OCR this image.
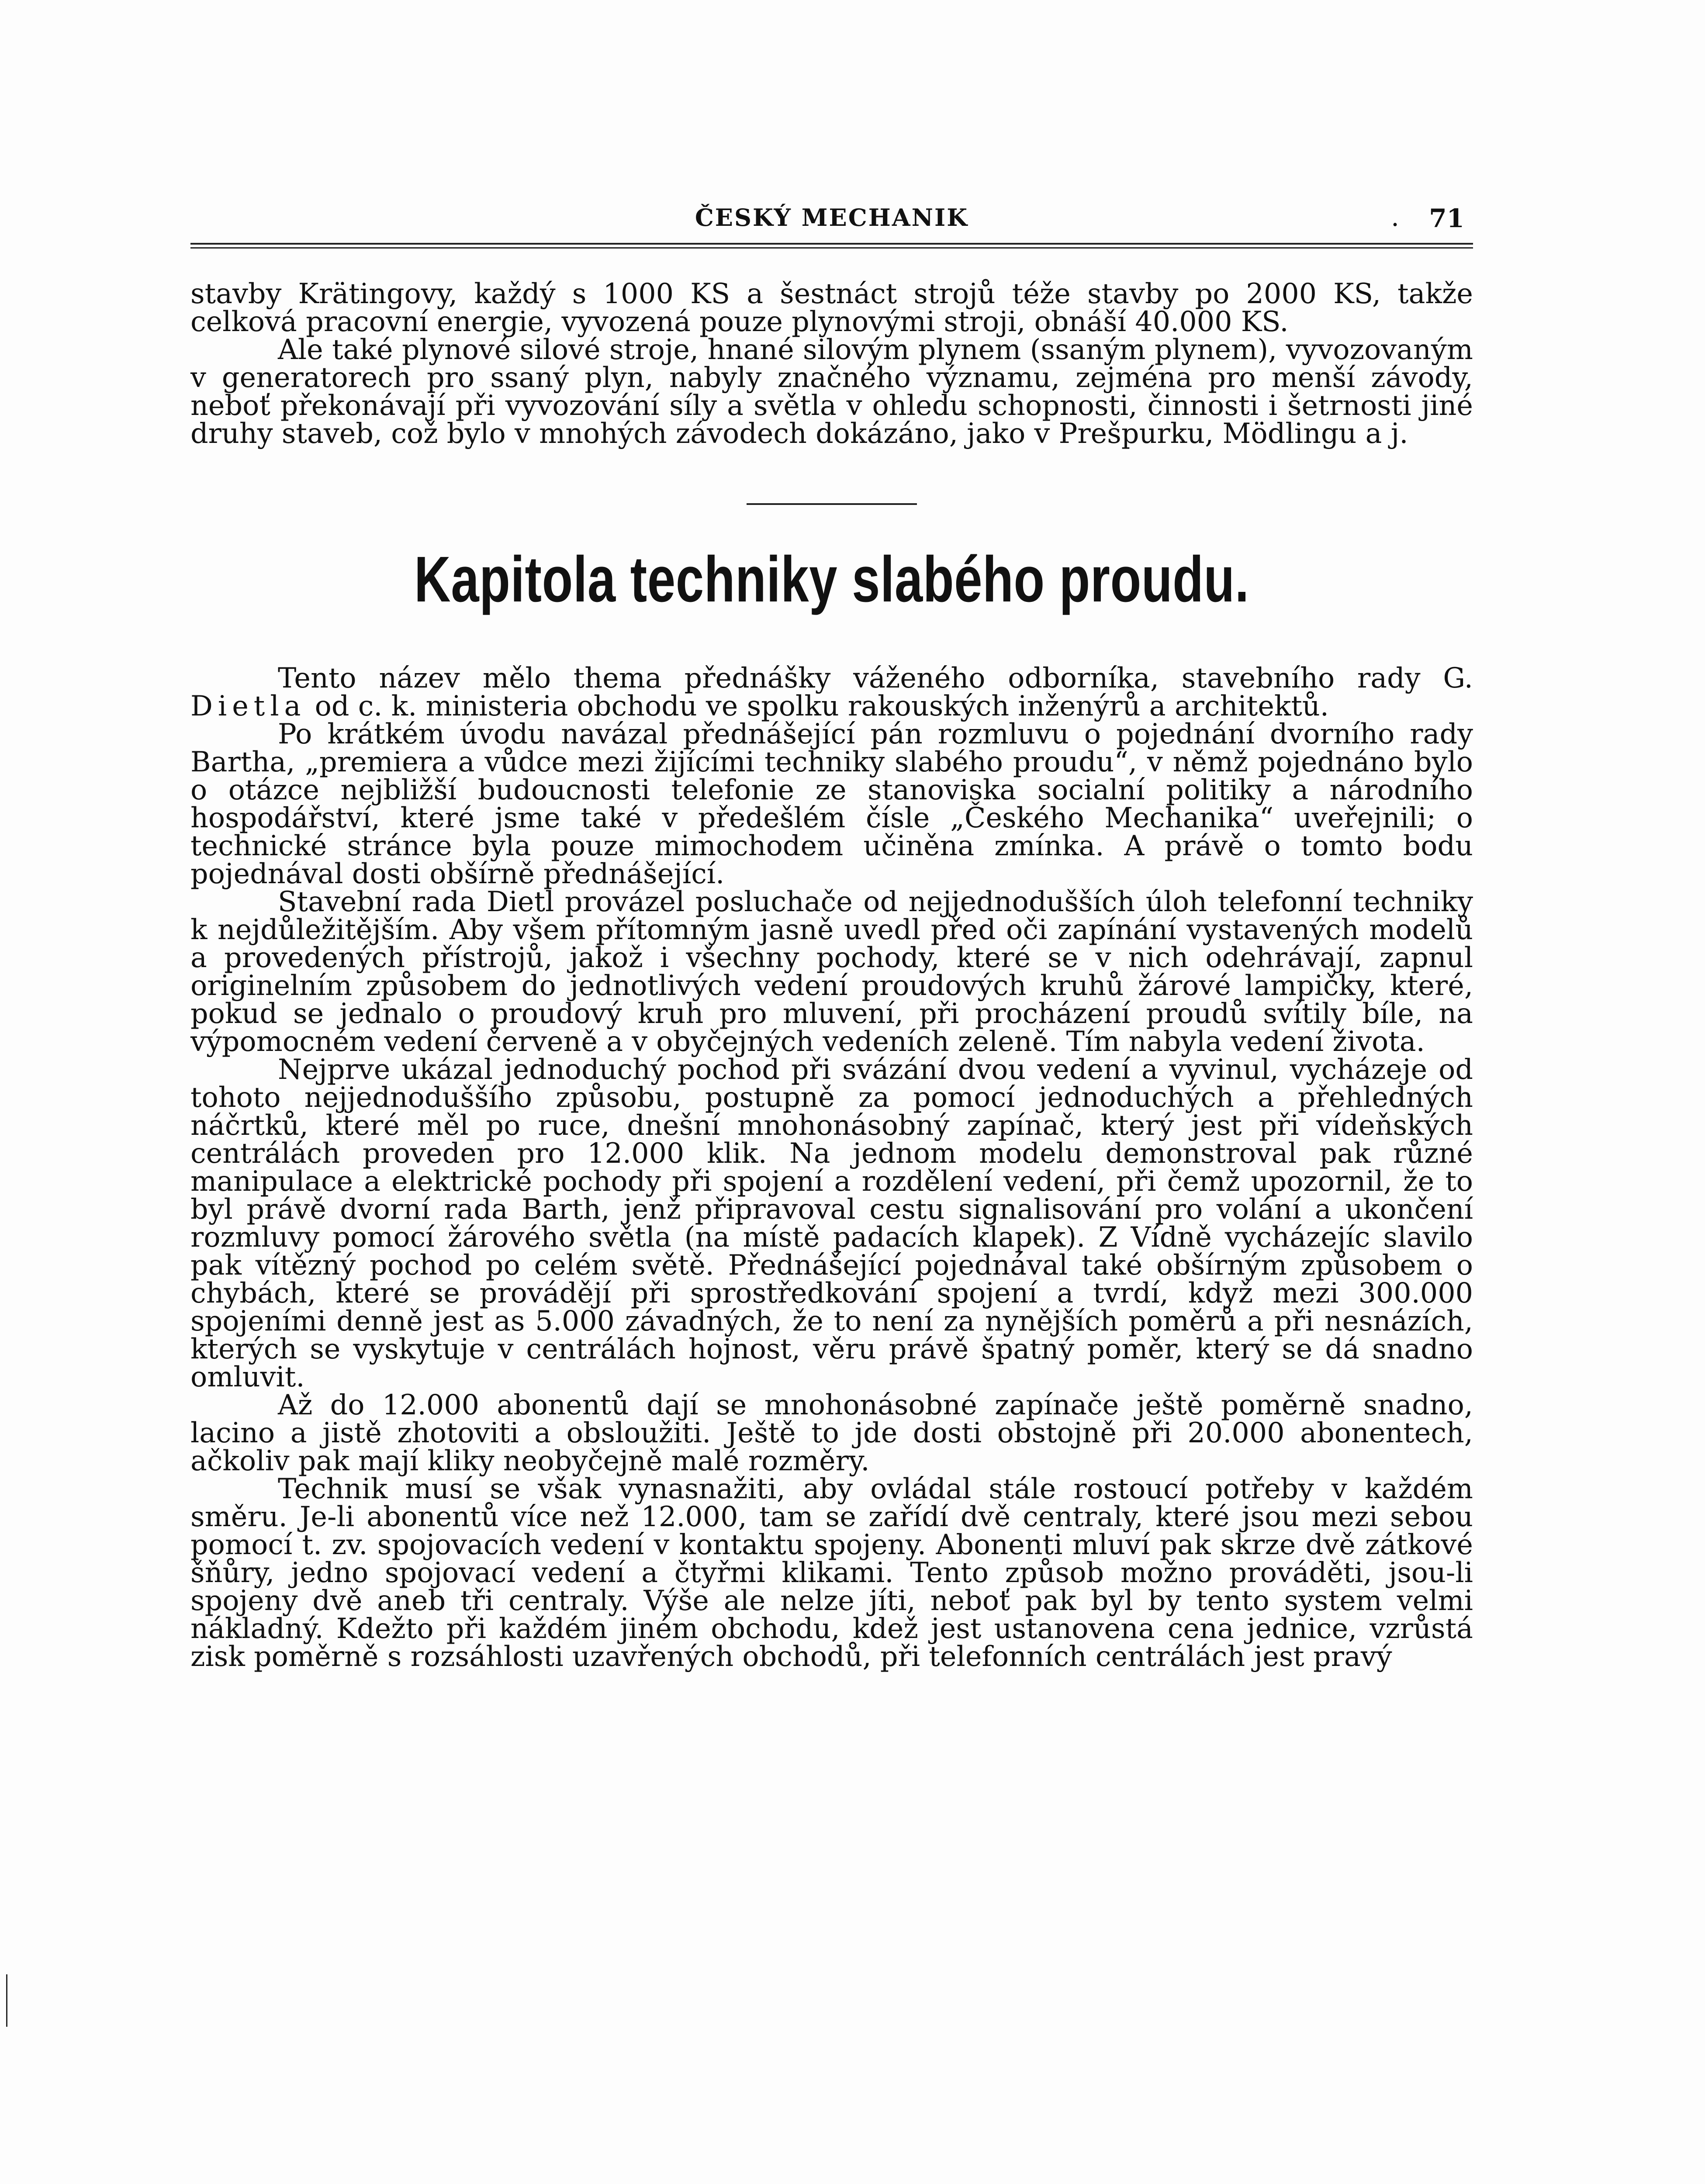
ČESKÝ MECHANIK	. 71

stavby Krätingovy, každý s 1000 KS a šestnáct strojů téže stavby po 2000 KS, takže celková pracovní energie, vyvozená pouze plynovými stroji, obnáší 40.000 KS.

Ale také plynové silové stroje, hnané silovým plynem (ssaným plynem), vyvozovaným v generatorech pro ssaný plyn, nabyly značného významu, zejména pro menší závody, neboť překonávají při vyvozování síly a světla v ohledu schopnosti, činnosti i šetrnosti jiné druhy staveb, což bylo v mnohých závodech dokázáno, jako v Prešpurku, Mödlingu a j.

Kapitola techniky slabého proudu.

Tento název mělo thema přednášky váženého odborníka, stavebního rady G. Dietla od c. k. ministeria obchodu ve spolku rakouských inženýrů a architektů.

Po krátkém úvodu navázal přednášející pán rozmluvu o pojednání dvorního rady Bartha, „premiera a vůdce mezi žijícími techniky slabého proudu“, v němž pojednáno bylo o otázce nejbližší budoucnosti telefonie ze stanoviska socialní politiky a národního hospodářství, které jsme také v předešlém čísle „Českého Mechanika“ uveřejnili; o technické stránce byla pouze mimochodem učiněna zmínka. A právě o tomto bodu pojednával dosti obšírně přednášející.

Stavební rada Dietl provázel posluchače od nejjednodušších úloh telefonní techniky k nejdůležitějším. Aby všem přítomným jasně uvedl před oči zapínání vystavených modelů a provedených přístrojů, jakož i všechny pochody, které se v nich odehrávají, zapnul originelním způsobem do jednotlivých vedení proudových kruhů žárové lampičky, které, pokud se jednalo o proudový kruh pro mluvení, při procházení proudů svítily bíle, na výpomocném vedení červeně a v obyčejných vedeních zeleně. Tím nabyla vedení života.

Nejprve ukázal jednoduchý pochod při svázání dvou vedení a vyvinul, vycházeje od tohoto nejjednoduššího způsobu, postupně za pomocí jednoduchých a přehledných náčrtků, které měl po ruce, dnešní mnohonásobný zapínač, který jest při vídeňských centrálách proveden pro 12.000 klik. Na jednom modelu demonstroval pak různé manipulace a elektrické pochody při spojení a rozdělení vedení, při čemž upozornil, že to byl právě dvorní rada Barth, jenž připravoval cestu signalisování pro volání a ukončení rozmluvy pomocí žárového světla (na místě padacích klapek). Z Vídně vycházejíc slavilo pak vítězný pochod po celém světě. Přednášející pojednával také obšírným způsobem o chybách, které se provádějí při sprostředkování spojení a tvrdí, když mezi 300.000 spojeními denně jest as 5.000 závadných, že to není za nynějších poměrů a při nesnázích, kterých se vyskytuje v centrálách hojnost, věru právě špatný poměr, který se dá snadno omluvit.

Až do 12.000 abonentů dají se mnohonásobné zapínače ještě poměrně snadno, lacino a jistě zhotoviti a obsloužiti. Ještě to jde dosti obstojně při 20.000 abonentech, ačkoliv pak mají kliky neobyčejně malé rozměry.

Technik musí se však vynasnažiti, aby ovládal stále rostoucí potřeby v každém směru. Je-li abonentů více než 12.000, tam se zařídí dvě centraly, které jsou mezi sebou pomocí t. zv. spojovacích vedení v kontaktu spojeny. Abonenti mluví pak skrze dvě zátkové šňůry, jedno spojovací vedení a čtyřmi klikami. Tento způsob možno prováděti, jsou-li spojeny dvě aneb tři centraly. Výše ale nelze jíti, neboť pak byl by tento system velmi nákladný. Kdežto při každém jiném obchodu, kdež jest ustanovena cena jednice, vzrůstá zisk poměrně s rozsáhlosti uzavřených obchodů, při telefonních centrálách jest pravý
